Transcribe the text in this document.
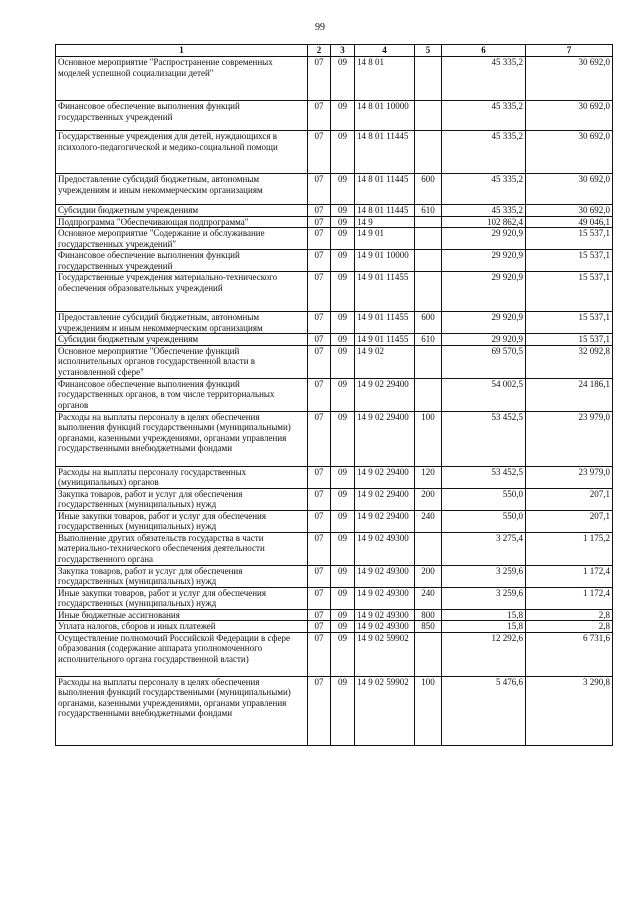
99
1	2	3	4	5	6	7
Основное мероприятие "Распространение современных моделей успешной социализации детей"	07	09	14 8 01		45 335,2	30 692,0
Финансовое обеспечение выполнения функций государственных учреждений	07	09	14 8 01 10000		45 335,2	30 692,0
Государственные учреждения для детей, нуждающихся в психолого-педагогической и медико-социальной помощи	07	09	14 8 01 11445		45 335,2	30 692,0
Предоставление субсидий бюджетным, автономным учреждениям и иным некоммерческим организациям	07	09	14 8 01 11445	600	45 335,2	30 692,0
Субсидии бюджетным учреждениям	07	09	14 8 01 11445	610	45 335,2	30 692,0
Подпрограмма "Обеспечивающая подпрограмма"	07	09	14 9		102 862,4	49 046,1
Основное мероприятие "Содержание и обслуживание государственных учреждений"	07	09	14 9 01		29 920,9	15 537,1
Финансовое обеспечение выполнения функций государственных учреждений	07	09	14 9 01 10000		29 920,9	15 537,1
Государственные учреждения материально-технического обеспечения образовательных учреждений	07	09	14 9 01 11455		29 920,9	15 537,1
Предоставление субсидий бюджетным, автономным учреждениям и иным некоммерческим организациям	07	09	14 9 01 11455	600	29 920,9	15 537,1
Субсидии бюджетным учреждениям	07	09	14 9 01 11455	610	29 920,9	15 537,1
Основное мероприятие "Обеспечение функций исполнительных органов государственной власти в установленной сфере"	07	09	14 9 02		69 570,5	32 092,8
Финансовое обеспечение выполнения функций государственных органов, в том числе территориальных органов	07	09	14 9 02 29400		54 002,5	24 186,1
Расходы на выплаты персоналу в целях обеспечения выполнения функций государственными (муниципальными) органами, казенными учреждениями, органами управления государственными внебюджетными фондами	07	09	14 9 02 29400	100	53 452,5	23 979,0
Расходы на выплаты персоналу государственных (муниципальных) органов	07	09	14 9 02 29400	120	53 452,5	23 979,0
Закупка товаров, работ и услуг для обеспечения государственных (муниципальных) нужд	07	09	14 9 02 29400	200	550,0	207,1
Иные закупки товаров, работ и услуг для обеспечения государственных (муниципальных) нужд	07	09	14 9 02 29400	240	550,0	207,1
Выполнение других обязательств государства в части материально-технического обеспечения деятельности государственного органа	07	09	14 9 02 49300		3 275,4	1 175,2
Закупка товаров, работ и услуг для обеспечения государственных (муниципальных) нужд	07	09	14 9 02 49300	200	3 259,6	1 172,4
Иные закупки товаров, работ и услуг для обеспечения государственных (муниципальных) нужд	07	09	14 9 02 49300	240	3 259,6	1 172,4
Иные бюджетные ассигнования	07	09	14 9 02 49300	800	15,8	2,8
Уплата налогов, сборов и иных платежей	07	09	14 9 02 49300	850	15,8	2,8
Осуществление полномочий Российской Федерации в сфере образования (содержание аппарата уполномоченного исполнительного органа государственной власти)	07	09	14 9 02 59902		12 292,6	6 731,6
Расходы на выплаты персоналу в целях обеспечения выполнения функций государственными (муниципальными) органами, казенными учреждениями, органами управления государственными внебюджетными фондами	07	09	14 9 02 59902	100	5 476,6	3 290,8
